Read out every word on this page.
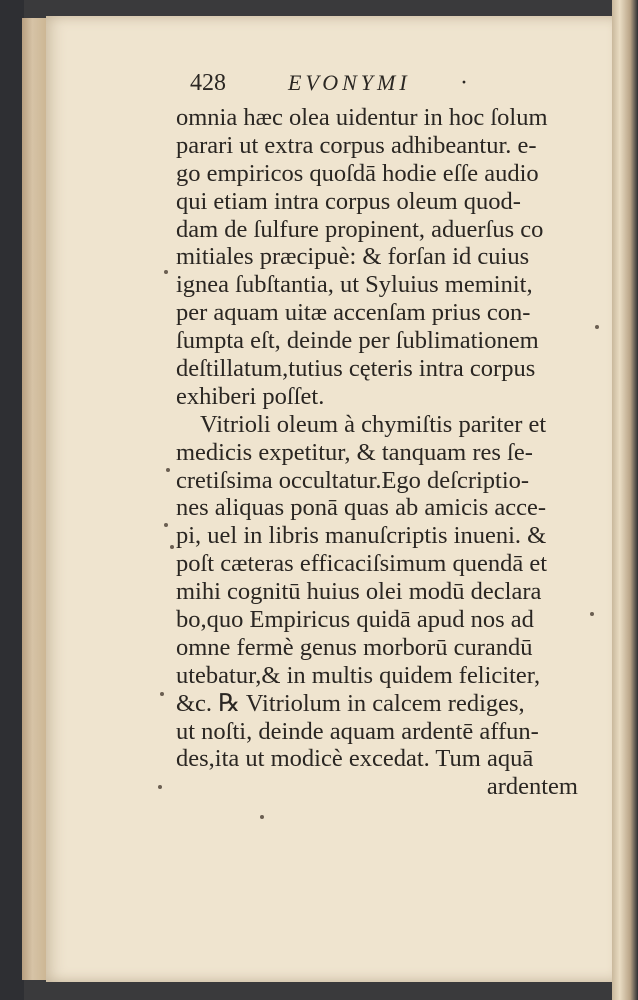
428	EVONYMI ·
omnia hæc olea uidentur in hoc ſolum
parari ut extra corpus adhibeantur. e-
go empiricos quoſdā hodie eſſe audio
qui etiam intra corpus oleum quod-
dam de ſulfure propinent, aduerſus co
mitiales præcipuè: & forſan id cuius
ignea ſubſtantia, ut Syluius meminit,
per aquam uitæ accenſam prius con-
ſumpta eſt, deinde per ſublimationem
deſtillatum,tutius cęteris intra corpus
exhiberi poſſet.
Vitrioli oleum à chymiſtis pariter et
medicis expetitur, & tanquam res ſe-
cretiſsima occultatur.Ego deſcriptio-
nes aliquas ponā quas ab amicis acce-
pi, uel in libris manuſcriptis inueni. &
poſt cæteras efficaciſsimum quendā et
mihi cognitū huius olei modū declara
bo,quo Empiricus quidā apud nos ad
omne fermè genus morborū curandū
utebatur,& in multis quidem feliciter,
&c. ℞ Vitriolum in calcem rediges,
ut noſti, deinde aquam ardentē affun-
des,ita ut modicè excedat. Tum aquā
ardentem
